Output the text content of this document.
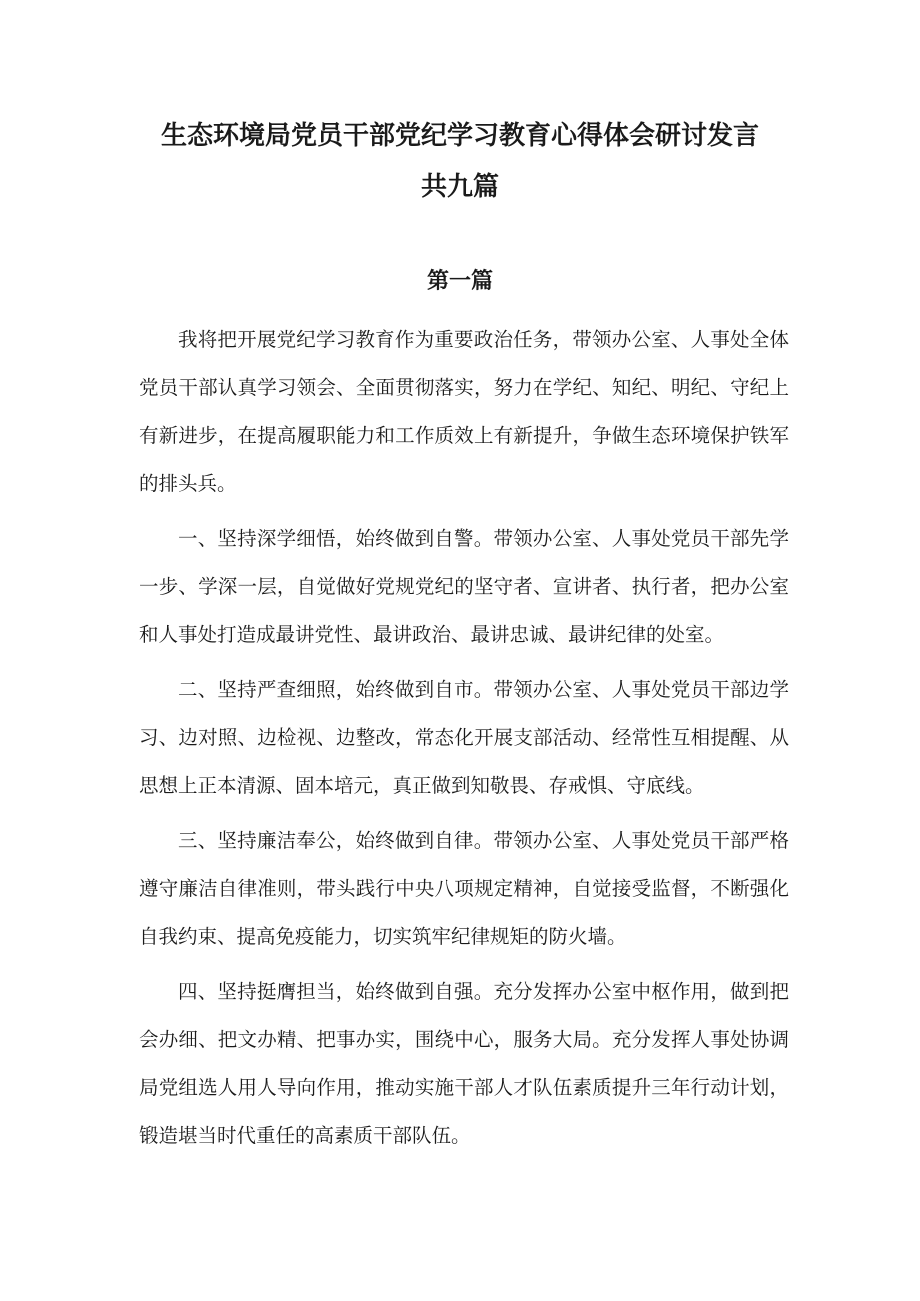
生态环境局党员干部党纪学习教育心得体会研讨发言
共九篇
第一篇

我将把开展党纪学习教育作为重要政治任务，带领办公室、人事处全体党员干部认真学习领会、全面贯彻落实，努力在学纪、知纪、明纪、守纪上有新进步，在提高履职能力和工作质效上有新提升，争做生态环境保护铁军的排头兵。

一、坚持深学细悟，始终做到自警。带领办公室、人事处党员干部先学一步、学深一层，自觉做好党规党纪的坚守者、宣讲者、执行者，把办公室和人事处打造成最讲党性、最讲政治、最讲忠诚、最讲纪律的处室。

二、坚持严查细照，始终做到自市。带领办公室、人事处党员干部边学习、边对照、边检视、边整改，常态化开展支部活动、经常性互相提醒、从思想上正本清源、固本培元，真正做到知敬畏、存戒惧、守底线。

三、坚持廉洁奉公，始终做到自律。带领办公室、人事处党员干部严格遵守廉洁自律准则，带头践行中央八项规定精神，自觉接受监督，不断强化自我约束、提高免疫能力，切实筑牢纪律规矩的防火墙。

四、坚持挺膺担当，始终做到自强。充分发挥办公室中枢作用，做到把会办细、把文办精、把事办实，围绕中心，服务大局。充分发挥人事处协调局党组选人用人导向作用，推动实施干部人才队伍素质提升三年行动计划，锻造堪当时代重任的高素质干部队伍。
